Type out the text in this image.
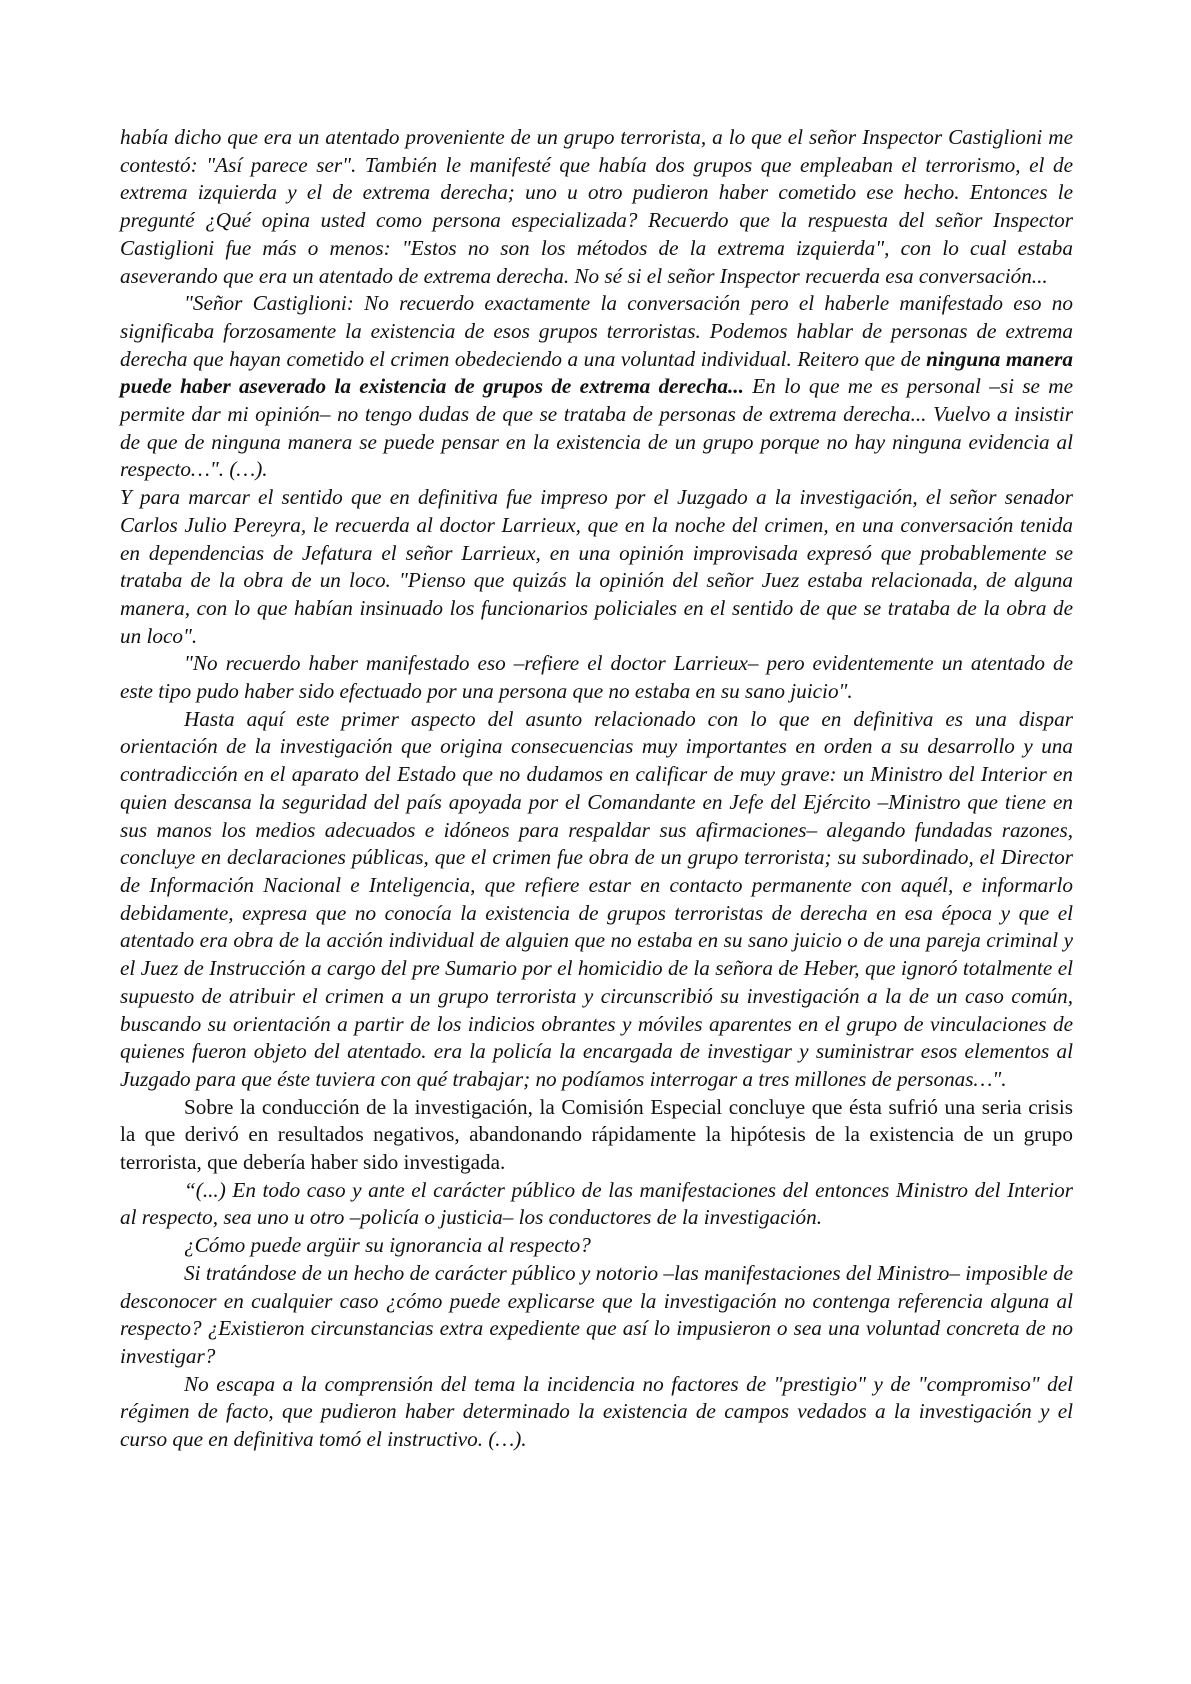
había dicho que era un atentado proveniente de un grupo terrorista, a lo que el señor Inspector Castiglioni me contestó: "Así parece ser". También le manifesté que había dos grupos que empleaban el terrorismo, el de extrema izquierda y el de extrema derecha; uno u otro pudieron haber cometido ese hecho. Entonces le pregunté ¿Qué opina usted como persona especializada? Recuerdo que la respuesta del señor Inspector Castiglioni fue más o menos: "Estos no son los métodos de la extrema izquierda", con lo cual estaba aseverando que era un atentado de extrema derecha. No sé si el señor Inspector recuerda esa conversación...

"Señor Castiglioni: No recuerdo exactamente la conversación pero el haberle manifestado eso no significaba forzosamente la existencia de esos grupos terroristas. Podemos hablar de personas de extrema derecha que hayan cometido el crimen obedeciendo a una voluntad individual. Reitero que de ninguna manera puede haber aseverado la existencia de grupos de extrema derecha... En lo que me es personal –si se me permite dar mi opinión– no tengo dudas de que se trataba de personas de extrema derecha... Vuelvo a insistir de que de ninguna manera se puede pensar en la existencia de un grupo porque no hay ninguna evidencia al respecto…". (…).

Y para marcar el sentido que en definitiva fue impreso por el Juzgado a la investigación, el señor senador Carlos Julio Pereyra, le recuerda al doctor Larrieux, que en la noche del crimen, en una conversación tenida en dependencias de Jefatura el señor Larrieux, en una opinión improvisada expresó que probablemente se trataba de la obra de un loco. "Pienso que quizás la opinión del señor Juez estaba relacionada, de alguna manera, con lo que habían insinuado los funcionarios policiales en el sentido de que se trataba de la obra de un loco".

"No recuerdo haber manifestado eso –refiere el doctor Larrieux– pero evidentemente un atentado de este tipo pudo haber sido efectuado por una persona que no estaba en su sano juicio".

Hasta aquí este primer aspecto del asunto relacionado con lo que en definitiva es una dispar orientación de la investigación que origina consecuencias muy importantes en orden a su desarrollo y una contradicción en el aparato del Estado que no dudamos en calificar de muy grave: un Ministro del Interior en quien descansa la seguridad del país apoyada por el Comandante en Jefe del Ejército –Ministro que tiene en sus manos los medios adecuados e idóneos para respaldar sus afirmaciones– alegando fundadas razones, concluye en declaraciones públicas, que el crimen fue obra de un grupo terrorista; su subordinado, el Director de Información Nacional e Inteligencia, que refiere estar en contacto permanente con aquél, e informarlo debidamente, expresa que no conocía la existencia de grupos terroristas de derecha en esa época y que el atentado era obra de la acción individual de alguien que no estaba en su sano juicio o de una pareja criminal y el Juez de Instrucción a cargo del pre Sumario por el homicidio de la señora de Heber, que ignoró totalmente el supuesto de atribuir el crimen a un grupo terrorista y circunscribió su investigación a la de un caso común, buscando su orientación a partir de los indicios obrantes y móviles aparentes en el grupo de vinculaciones de quienes fueron objeto del atentado. era la policía la encargada de investigar y suministrar esos elementos al Juzgado para que éste tuviera con qué trabajar; no podíamos interrogar a tres millones de personas…".

Sobre la conducción de la investigación, la Comisión Especial concluye que ésta sufrió una seria crisis la que derivó en resultados negativos, abandonando rápidamente la hipótesis de la existencia de un grupo terrorista, que debería haber sido investigada.

“(...) En todo caso y ante el carácter público de las manifestaciones del entonces Ministro del Interior al respecto, sea uno u otro –policía o justicia– los conductores de la investigación.

¿Cómo puede argüir su ignorancia al respecto?

Si tratándose de un hecho de carácter público y notorio –las manifestaciones del Ministro– imposible de desconocer en cualquier caso ¿cómo puede explicarse que la investigación no contenga referencia alguna al respecto? ¿Existieron circunstancias extra expediente que así lo impusieron o sea una voluntad concreta de no investigar?

No escapa a la comprensión del tema la incidencia no factores de "prestigio" y de "compromiso" del régimen de facto, que pudieron haber determinado la existencia de campos vedados a la investigación y el curso que en definitiva tomó el instructivo. (…).
